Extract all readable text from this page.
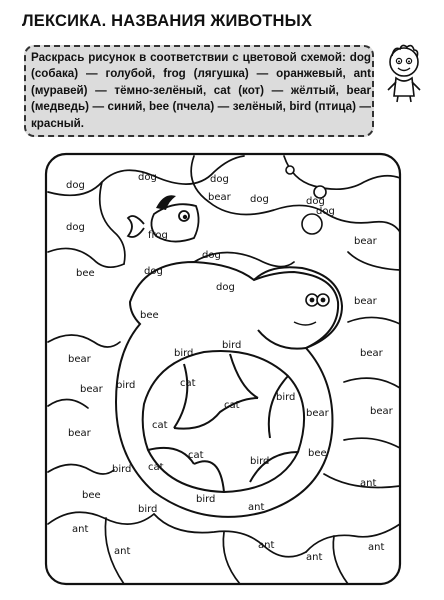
ЛЕКСИКА. НАЗВАНИЯ ЖИВОТНЫХ
Раскрась рисунок в соответствии с цветовой схемой: dog (собака) — голубой, frog (лягушка) — оранжевый, ant (муравей) — тёмно-зелёный, cat (кот) — жёлтый, bear (медведь) — синий, bee (пчела) — зелёный, bird (птица) — красный.
dog
dog	dog
dog
dog
dog
dog
dog
dog
dog
frog
bee
bee
bee
bee
bear
bear
bear
bear
bear
bear
bear
bear
bear
bird
bird
bird
bird
bird
bird
bird
bird
cat
cat
cat
cat
cat
ant
ant
ant
ant
ant
ant
ant
